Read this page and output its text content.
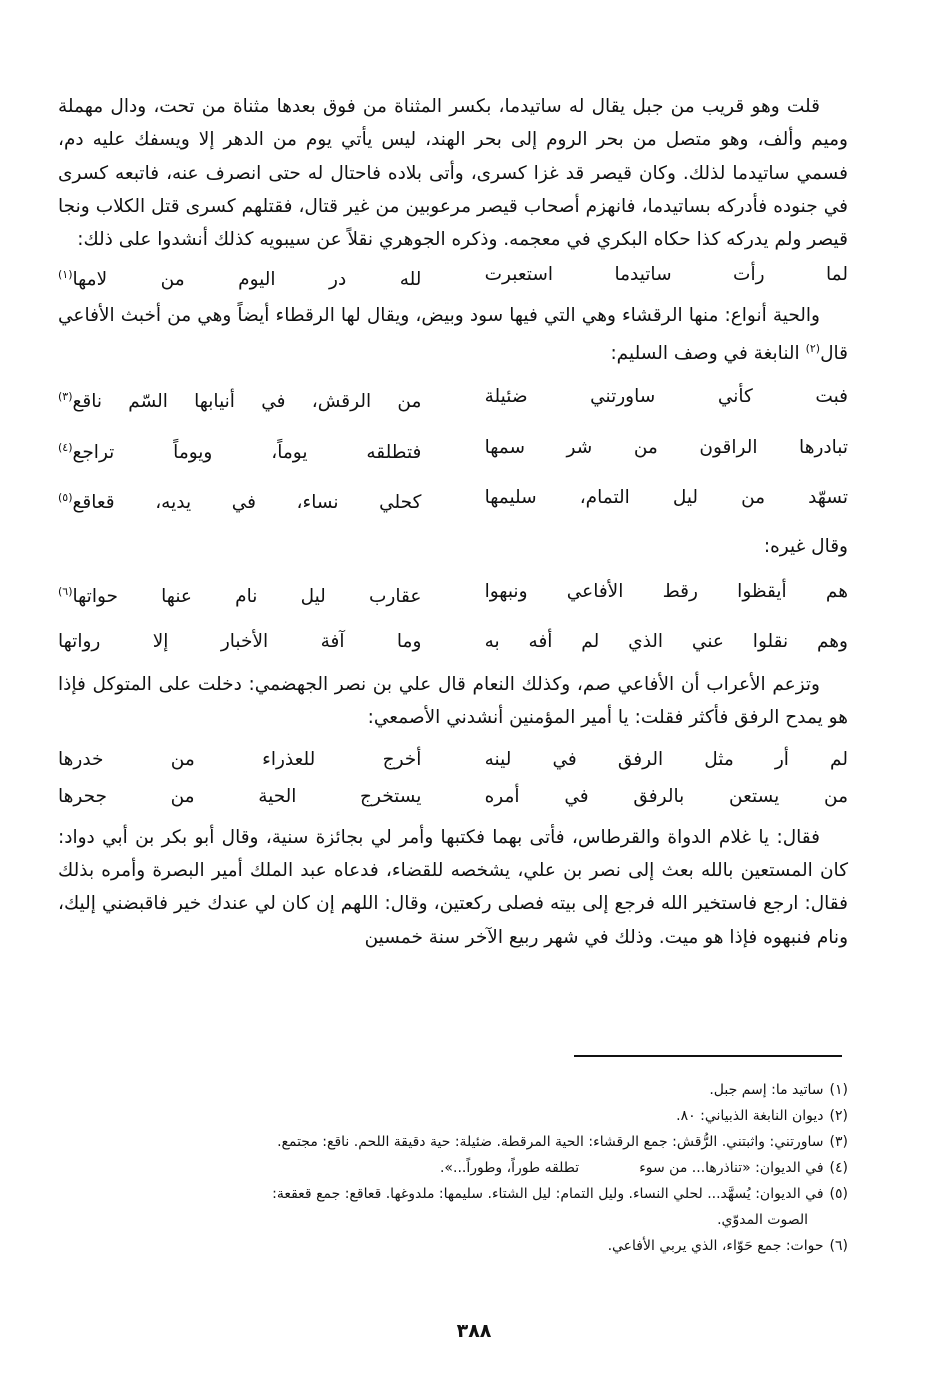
قلت وهو قريب من جبل يقال له ساتيدما، بكسر المثناة من فوق بعدها مثناة من تحت، ودال مهملة وميم وألف، وهو متصل من بحر الروم إلى بحر الهند، ليس يأتي يوم من الدهر إلا ويسفك عليه دم، فسمي ساتيدما لذلك. وكان قيصر قد غزا كسرى، وأتى بلاده فاحتال له حتى انصرف عنه، فاتبعه كسرى في جنوده فأدركه بساتيدما، فانهزم أصحاب قيصر مرعوبين من غير قتال، فقتلهم كسرى قتل الكلاب ونجا قيصر ولم يدركه كذا حكاه البكري في معجمه. وذكره الجوهري نقلاً عن سيبويه كذلك أنشدوا على ذلك:

لما رأت ساتيدما استعبرت
لله در اليوم من لامها$^{(١)}$

والحية أنواع: منها الرقشاء وهي التي فيها سود وبيض، ويقال لها الرقطاء أيضاً وهي من أخبث الأفاعي قال$^{(٢)}$ النابغة في وصف السليم:

فبت كأني ساورتني ضئيلة
من الرقش، في أنيابها السّم ناقع$^{(٣)}$
تبادرها الراقون من شر سمها
فتطلقه يوماً، ويوماً تراجع$^{(٤)}$
تسهّد من ليل التمام، سليمها
كحلي نساء، في يديه، قعاقع$^{(٥)}$

وقال غيره:

هم أيقظوا رقط الأفاعي ونبهوا
عقارب ليل نام عنها حواتها$^{(٦)}$
وهم نقلوا عني الذي لم أفه به
وما آفة الأخبار إلا رواتها

وتزعم الأعراب أن الأفاعي صم، وكذلك النعام قال علي بن نصر الجهضمي: دخلت على المتوكل فإذا هو يمدح الرفق فأكثر فقلت: يا أمير المؤمنين أنشدني الأصمعي:

لم أر مثل الرفق في لينه
أخرج للعذراء من خدرها
من يستعن بالرفق في أمره
يستخرج الحية من جحرها

فقال: يا غلام الدواة والقرطاس، فأتى بهما فكتبها وأمر لي بجائزة سنية، وقال أبو بكر بن أبي دواد: كان المستعين بالله بعث إلى نصر بن علي، يشخصه للقضاء، فدعاه عبد الملك أمير البصرة وأمره بذلك فقال: ارجع فاستخير الله فرجع إلى بيته فصلى ركعتين، وقال: اللهم إن كان لي عندك خير فاقبضني إليك، ونام فنبهوه فإذا هو ميت. وذلك في شهر ربيع الآخر سنة خمسين

(١)ساتيد ما: إسم جبل.

(٢)ديوان النابغة الذبياني: ٨٠.

(٣)ساورتني: واثبتني. الرُّقش: جمع الرقشاء: الحية المرقطة. ضئيلة: حية دقيقة اللحم. ناقع: مجتمع.

(٤)في الديوان: «تناذرها... من سوءتطلقه طوراً، وطوراً...».

(٥)في الديوان: يُسهَّد... لحلي النساء. وليل التمام: ليل الشتاء. سليمها: ملدوغها. قعاقع: جمع قعقعة:
الصوت المدوّي.

(٦)حوات: جمع حَوّاء، الذي يربي الأفاعي.

٣٨٨
